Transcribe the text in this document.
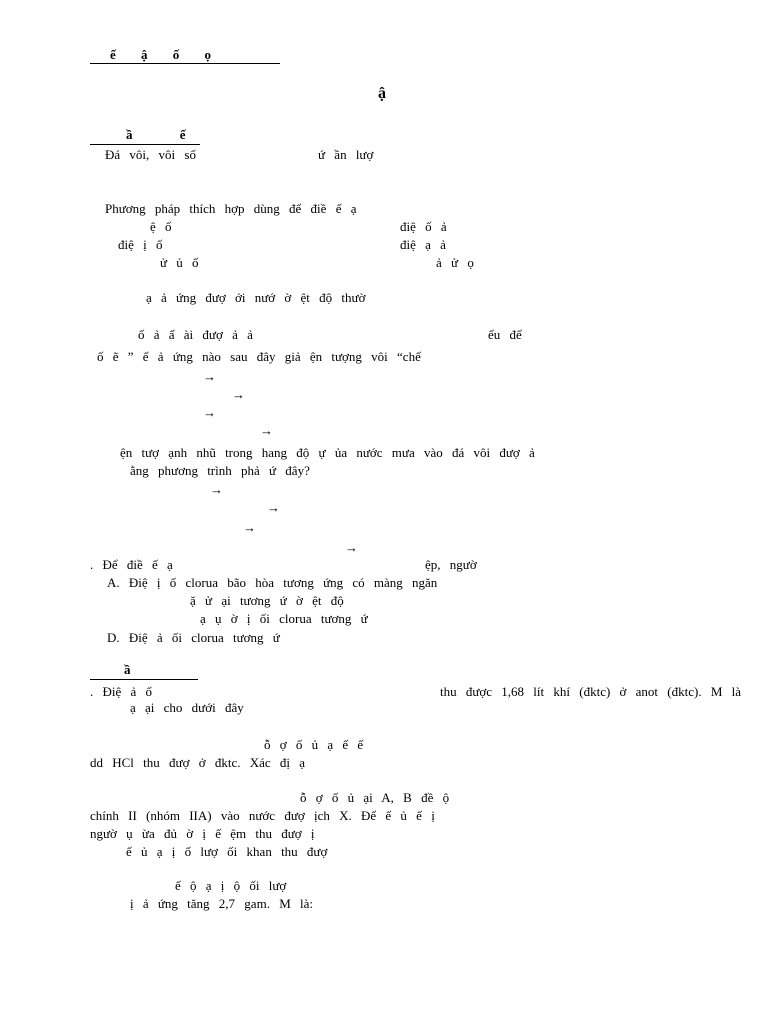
ế ậ ố ọ
ậ
ầ ế
Đá vôi, vôi số	ứ ần lượ
Phương pháp thích hợp dùng để điề ế ạ
ệ ố	điệ ố ả
điệ ị ố	điệ ạ ả
ử ủ ố	ả ử ọ
ạ ả ứng đượ ới nướ ờ ệt độ thườ
ố ả ấ ài đượ ả ả	ếu để
ố ẽ ” ế ả ứng nào sau đây giả ện tượng vôi “chế
→
→
→
→
ện tượ ạnh nhũ trong hang độ ự ủa nước mưa vào đá vôi đượ ả
ằng phương trình phả ứ đây?
→
→
→
→
. Để điề ế ạ	ệp, ngườ
A. Điệ ị ố clorua bão hòa tương ứng có màng ngăn
ặ ử ại tương ứ ờ ệt độ
ạ ụ ờ ị ối clorua tương ứ
D. Điệ ả ối clorua tương ứ
ầ
. Điệ ả ố	thu được 1,68 lít khí (đktc) ở anot (đktc). M là
ạ ại cho dưới đây
ỗ ợ ố ủ ạ ế ế
dd HCl thu đượ ở đktc. Xác đị ạ
ỗ ợ ố ủ ại A, B đề ộ
chính II (nhóm IIA) vào nước đượ ịch X. Để ế ủ ế ị
ngườ ụ ừa đủ ờ ị ế ệm thu đượ ị
ế ủ ạ ị ố lượ ối khan thu đượ
ế ộ ạ ị ộ ối lượ
ị ả ứng tăng 2,7 gam. M là:
